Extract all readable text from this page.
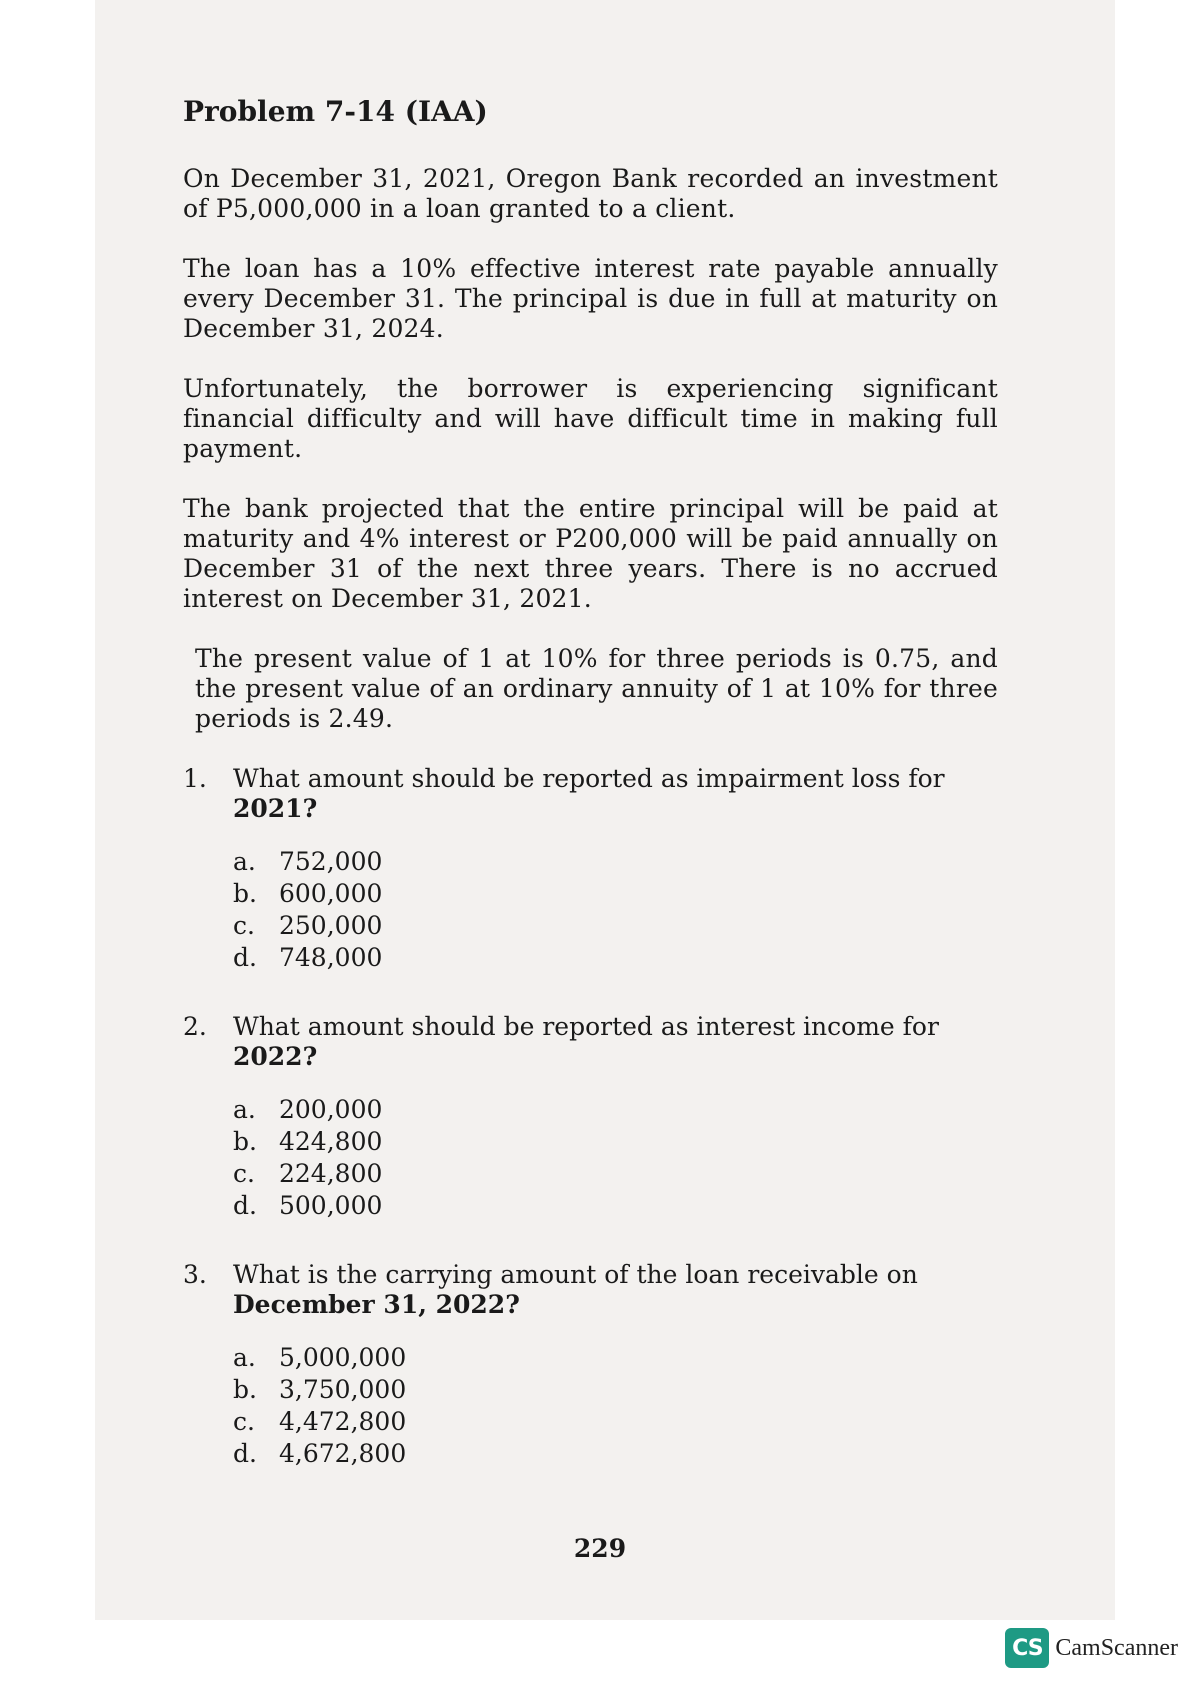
Problem 7-14 (IAA)

On December 31, 2021, Oregon Bank recorded an investment of P5,000,000 in a loan granted to a client.

The loan has a 10% effective interest rate payable annually every December 31. The principal is due in full at maturity on December 31, 2024.

Unfortunately, the borrower is experiencing significant financial difficulty and will have difficult time in making full payment.

The bank projected that the entire principal will be paid at maturity and 4% interest or P200,000 will be paid annually on December 31 of the next three years. There is no accrued interest on December 31, 2021.

The present value of 1 at 10% for three periods is 0.75, and the present value of an ordinary annuity of 1 at 10% for three periods is 2.49.

1. What amount should be reported as impairment loss for
2021?
a. 752,000
b. 600,000
c. 250,000
d. 748,000
2. What amount should be reported as interest income for
2022?
a. 200,000
b. 424,800
c. 224,800
d. 500,000
3. What is the carrying amount of the loan receivable on
December 31, 2022?
a. 5,000,000
b. 3,750,000
c. 4,472,800
d. 4,672,800
229
CS CamScanner
